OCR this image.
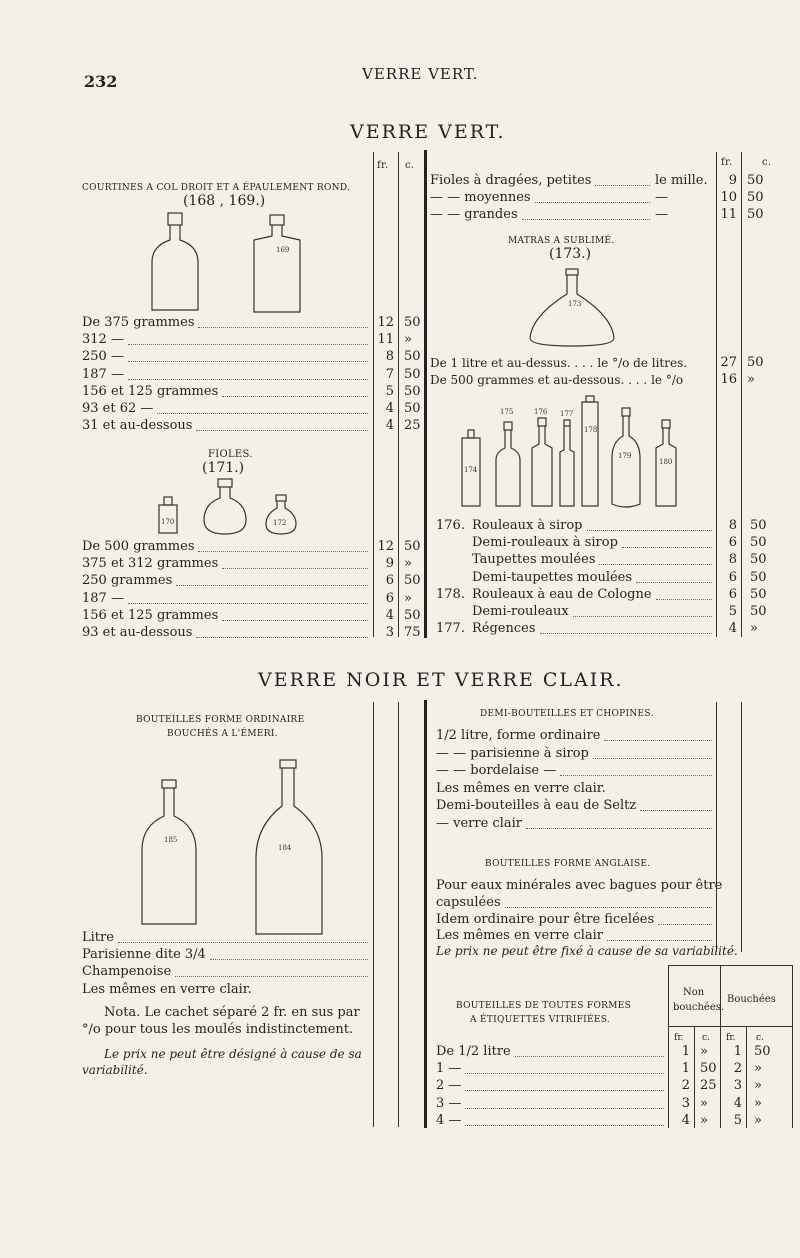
232	VERRE VERT.
VERRE VERT.
fr. c.	fr.	c.
COURTINES A COL DROIT ET A ÉPAULEMENT ROND.
(168 , 169.)
169
De 375 grammes	12 50
312 —	11 »
250 —	8 50
187 —	7 50
156 et 125 grammes	5 50
93 et 62 —	4 50
31 et au-dessous	4 25
FIOLES.
(171.)
170	172
De 500 grammes	12 50
375 et 312 grammes	9 »
250 grammes	6 50
187 —	6 »
156 et 125 grammes	4 50
93 et au-dessous	3 75
Fioles à dragées, petites	le mille.	9 50
— — moyennes	—	10 50
— — grandes	—	11 50
MATRAS A SUBLIMÉ.
(173.)
173
De 1 litre et au-dessus. . . . le °/o de litres.	27 50
De 500 grammes et au-dessous. . . . le °/o	16 »
174
175	176 177
178
179
180
176. Rouleaux à sirop	8 50
Demi-rouleaux à sirop	6 50
Taupettes moulées	8 50
Demi-taupettes moulées	6 50
178. Rouleaux à eau de Cologne	6 50
Demi-rouleaux	5 50
177. Régences	4 »
VERRE NOIR ET VERRE CLAIR.
BOUTEILLES FORME ORDINAIRE
BOUCHÉS A L'ÉMERI.
185
184
Litre
Parisienne dite 3/4
Champenoise
Les mêmes en verre clair.
Nota. Le cachet séparé 2 fr. en sus par °/o pour tous les moulés indistinctement.
Le prix ne peut être désigné à cause de sa variabilité.
DEMI-BOUTEILLES ET CHOPINES.
1/2 litre, forme ordinaire
— — parisienne à sirop
— — bordelaise —
Les mêmes en verre clair.
Demi-bouteilles à eau de Seltz
— verre clair
BOUTEILLES FORME ANGLAISE.
Pour eaux minérales avec bagues pour être
capsulées
Idem ordinaire pour être ficelées
Les mêmes en verre clair
Le prix ne peut être fixé à cause de sa variabilité.
BOUTEILLES DE TOUTES FORMES
A ÉTIQUETTES VITRIFIÉES.
Non
bouchées.
Bouchées
fr. c. fr. c.
De 1/2 litre	1 »	1 50
1 —	1 50	2 »
2 —	2 25	3 »
3 —	3 »	4 »
4 —	4 »	5 »
